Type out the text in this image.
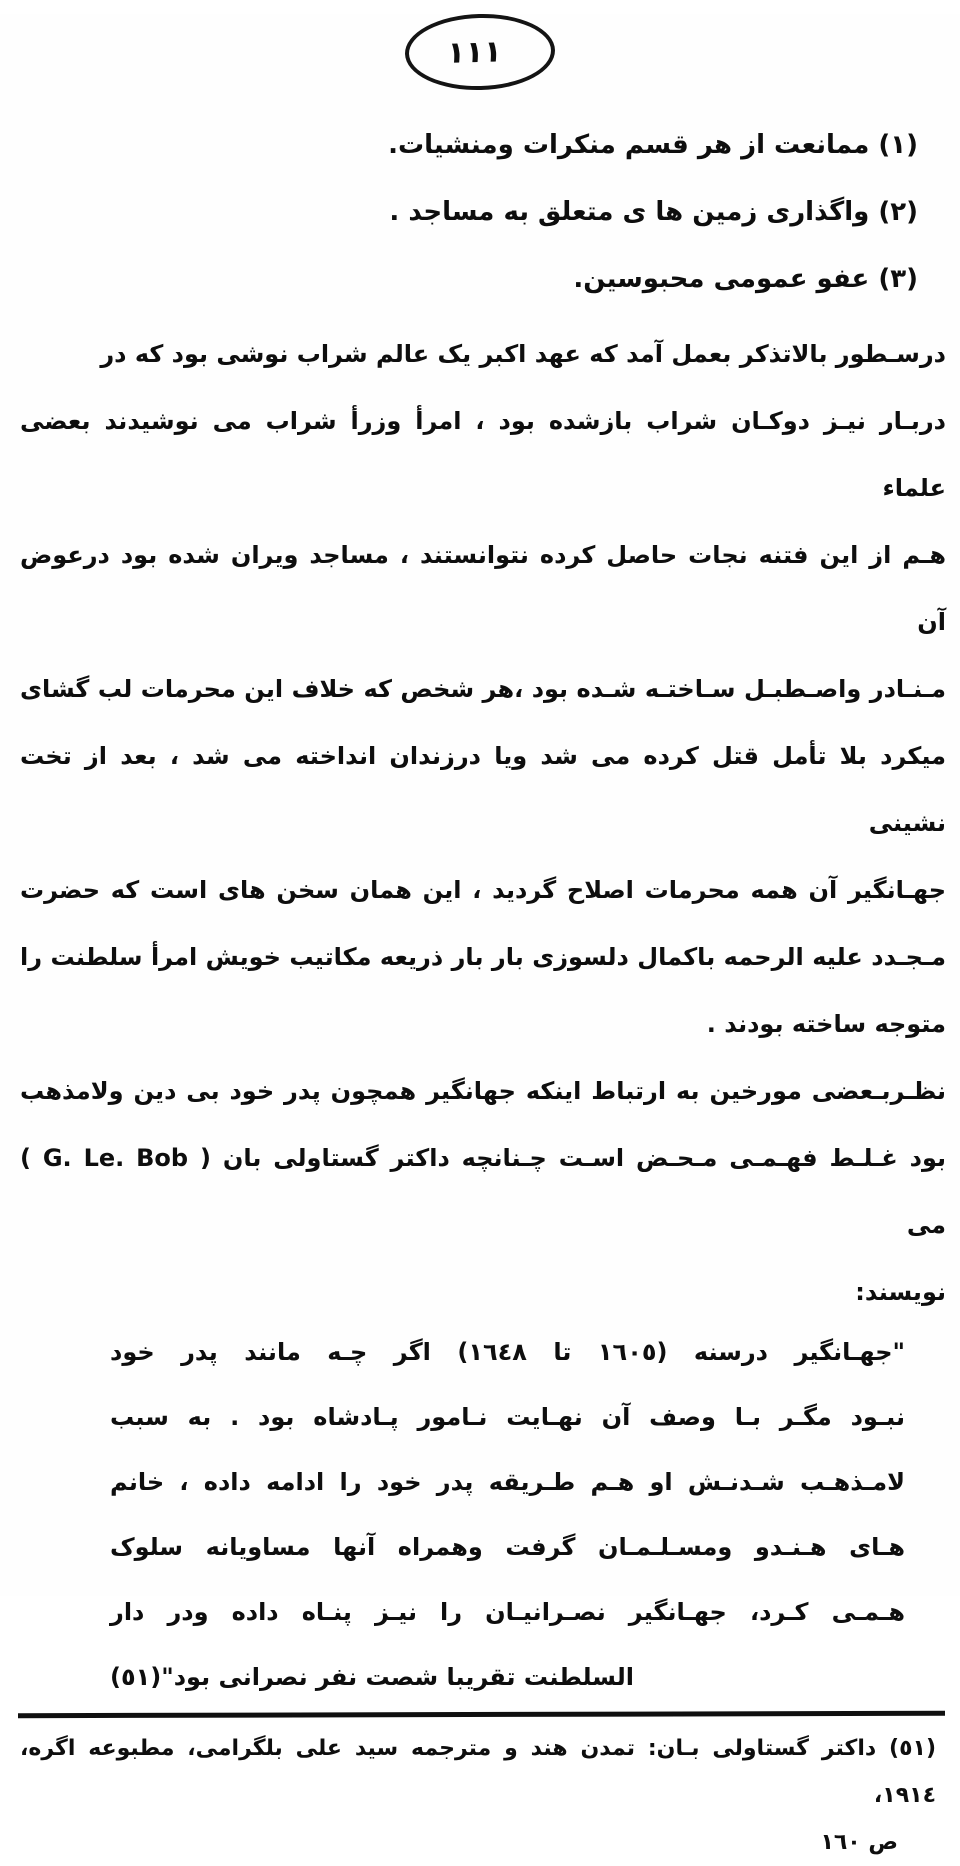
١١١
(١) ممانعت از هر قسم منکرات ومنشیات.
(٢) واگذاری زمین ها ی متعلق به مساجد .
(٣) عفو عمومی محبوسین.
درسـطور بالاتذکر بعمل آمد که عهد اکبر یک عالم شراب نوشی بود که در
دربـار نیـز دوکـان شراب بازشده بود ، امرأ وزرأ شراب می نوشیدند بعضی علماء
هـم از این فتنه نجات حاصل کرده نتوانستند ، مساجد ویران شده بود درعوض آن
مـنـادر واصـطبـل سـاختـه شـده بود ،هر شخص که خلاف این محرمات لب گشای
میکرد بلا تأمل قتل کرده می شد ویا درزندان انداخته می شد ، بعد از تخت نشینی
جهـانگیر آن همه محرمات اصلاح گردید ، این همان سخن های است که حضرت
مـجـدد علیه الرحمه باکمال دلسوزی بار بار ذریعه مکاتیب خویش امرأ سلطنت را
متوجه ساخته بودند .
نظـربـعضی مورخین به ارتباط اینکه جهانگیر همچون پدر خود بی دین ولامذهب
بود غـلـط فهـمـی مـحـض اسـت چـنانچه داکتر گستاولی بان ( G. Le. Bob ) می
نویسند:
"جهـانگیر درسنه (١٦٠٥ تا ١٦٤٨) اگر چـه مانند پدر خود
نبـود مگـر بـا وصف آن نهـایت نـامور پـادشاه بود . به سبب
لامـذهـب شـدنـش او هـم طـریقه پدر خود را ادامه داده ، خانم
هـای هـنـدو ومسـلـمـان گرفت وهمراه آنها مساویانه سلوک
هـمـی کـرد، جهـانگیر نصـرانیـان را نیـز پنـاه داده ودر دار
السلطنت تقریبا شصت نفر نصرانی بود"(٥١)
(٥١) داکتر گستاولی بـان: تمدن هند و مترجمه سید علی بلگرامی، مطبوعه اگره، ١٩١٤،
ص ١٦٠
